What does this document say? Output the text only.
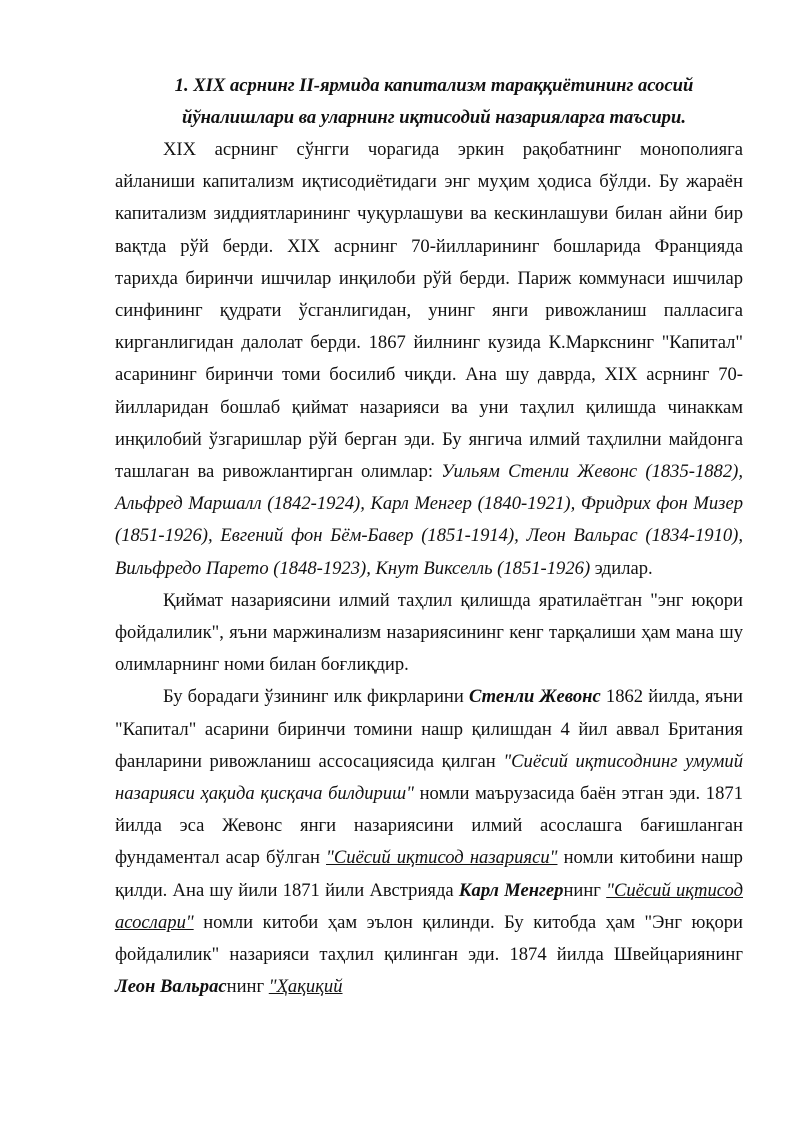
1. XIX асрнинг II-ярмида капитализм тараққиётининг асосий
йўналишлари ва уларнинг иқтисодий назарияларга таъсири.

XIX асрнинг сўнгги чорагида эркин рақобатнинг монополияга айланиши капитализм иқтисодиётидаги энг муҳим ҳодиса бўлди. Бу жараён капитализм зиддиятларининг чуқурлашуви ва кескинлашуви билан айни бир вақтда рўй берди. XIX асрнинг 70-йилларининг бошларида Францияда тарихда биринчи ишчилар инқилоби рўй берди. Париж коммунаси ишчилар синфининг қудрати ўсганлигидан, унинг янги ривожланиш палласига кирганлигидан далолат берди. 1867 йилнинг кузида К.Маркснинг "Капитал" асарининг биринчи томи босилиб чиқди. Ана шу даврда, XIX асрнинг 70-йилларидан бошлаб қиймат назарияси ва уни таҳлил қилишда чинаккам инқилобий ўзгаришлар рўй берган эди. Бу янгича илмий таҳлилни майдонга ташлаган ва ривожлантирган олимлар: Уильям Стенли Жевонс (1835-1882), Альфред Маршалл (1842-1924), Карл Менгер (1840-1921), Фридрих фон Мизер (1851-1926), Евгений фон Бём-Бавер (1851-1914), Леон Вальрас (1834-1910), Вильфредо Парето (1848-1923), Кнут Викселль (1851-1926) эдилар.

Қиймат назариясини илмий таҳлил қилишда яратилаётган "энг юқори фойдалилик", яъни маржинализм назариясининг кенг тарқалиши ҳам мана шу олимларнинг номи билан боғлиқдир.

Бу борадаги ўзининг илк фикрларини Стенли Жевонс 1862 йилда, яъни "Капитал" асарини биринчи томини нашр қилишдан 4 йил аввал Британия фанларини ривожланиш ассосациясида қилган "Сиёсий иқтисоднинг умумий назарияси ҳақида қисқача билдириш" номли маърузасида баён этган эди. 1871 йилда эса Жевонс янги назариясини илмий асослашга бағишланган фундаментал асар бўлган "Сиёсий иқтисод назарияси" номли китобини нашр қилди. Ана шу йили 1871 йили Австрияда Карл Менгернинг "Сиёсий иқтисод асослари" номли китоби ҳам эълон қилинди. Бу китобда ҳам "Энг юқори фойдалилик" назарияси таҳлил қилинган эди. 1874 йилда Швейцариянинг Леон Вальраснинг "Ҳақиқий
